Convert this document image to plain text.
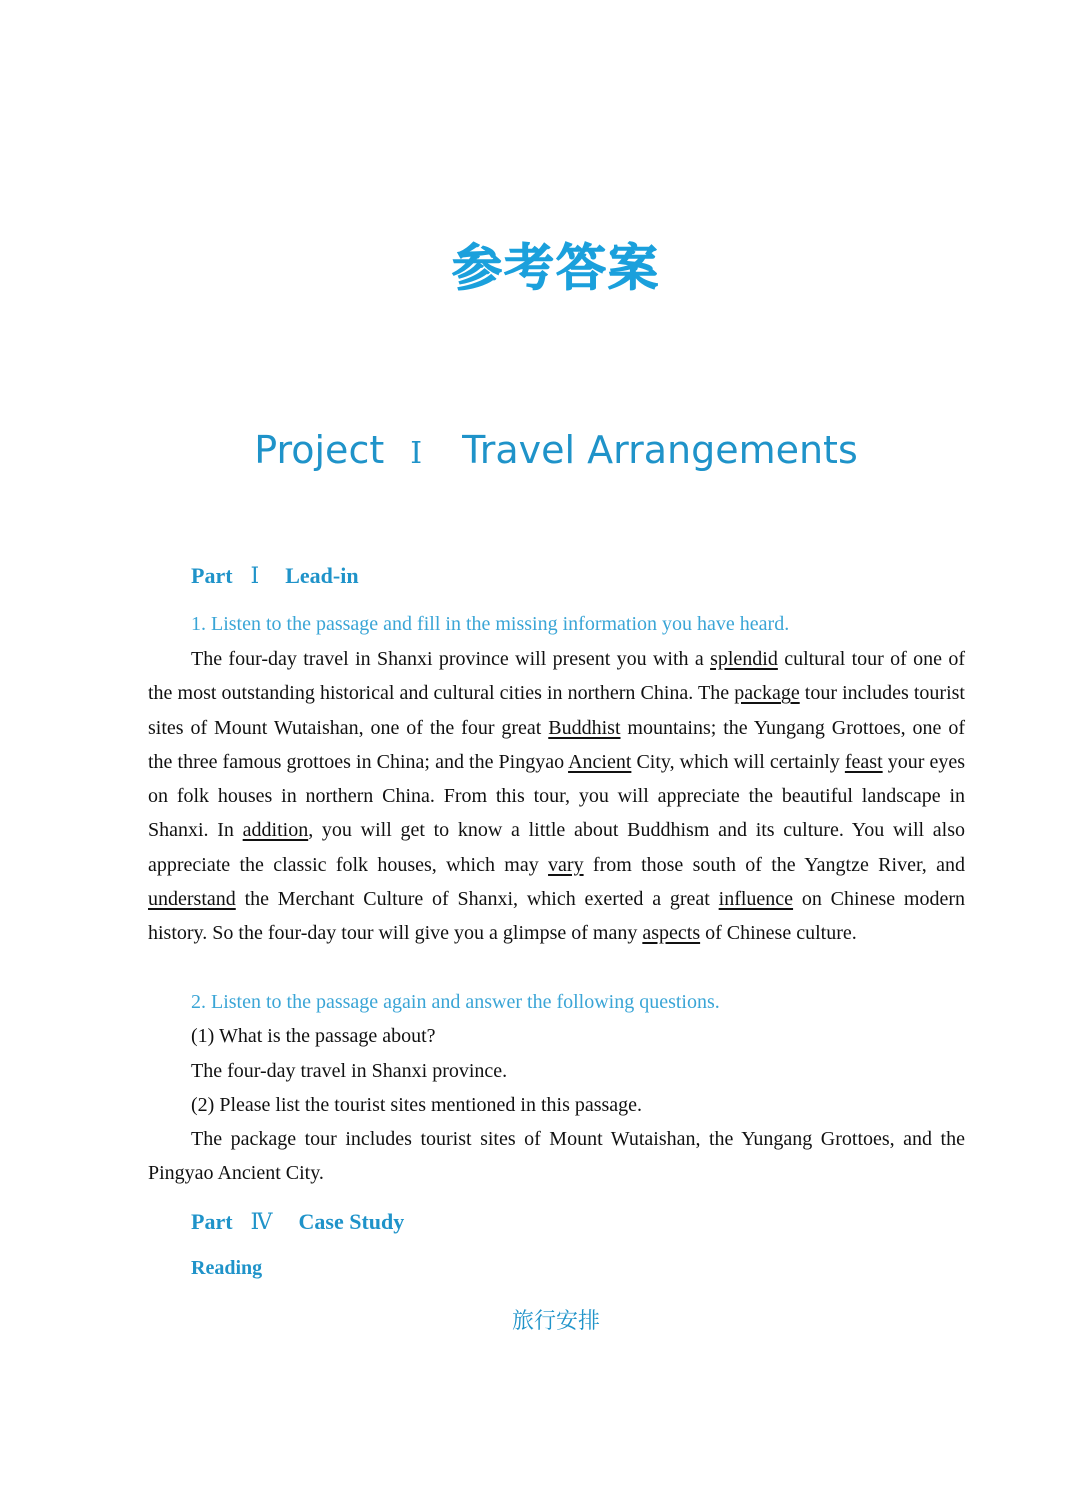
参考答案
Project Ⅰ Travel Arrangements
Part Ⅰ Lead-in
1. Listen to the passage and fill in the missing information you have heard.

The four-day travel in Shanxi province will present you with a splendid cultural tour of one of the most outstanding historical and cultural cities in northern China. The package tour includes tourist sites of Mount Wutaishan, one of the four great Buddhist mountains; the Yungang Grottoes, one of the three famous grottoes in China; and the Pingyao Ancient City, which will certainly feast your eyes on folk houses in northern China. From this tour, you will appreciate the beautiful landscape in Shanxi. In addition, you will get to know a little about Buddhism and its culture. You will also appreciate the classic folk houses, which may vary from those south of the Yangtze River, and understand the Merchant Culture of Shanxi, which exerted a great influence on Chinese modern history. So the four-day tour will give you a glimpse of many aspects of Chinese culture.

2. Listen to the passage again and answer the following questions.
(1) What is the passage about?
The four-day travel in Shanxi province.
(2) Please list the tourist sites mentioned in this passage.

The package tour includes tourist sites of Mount Wutaishan, the Yungang Grottoes, and the Pingyao Ancient City.

Part Ⅳ Case Study
Reading
旅行安排
